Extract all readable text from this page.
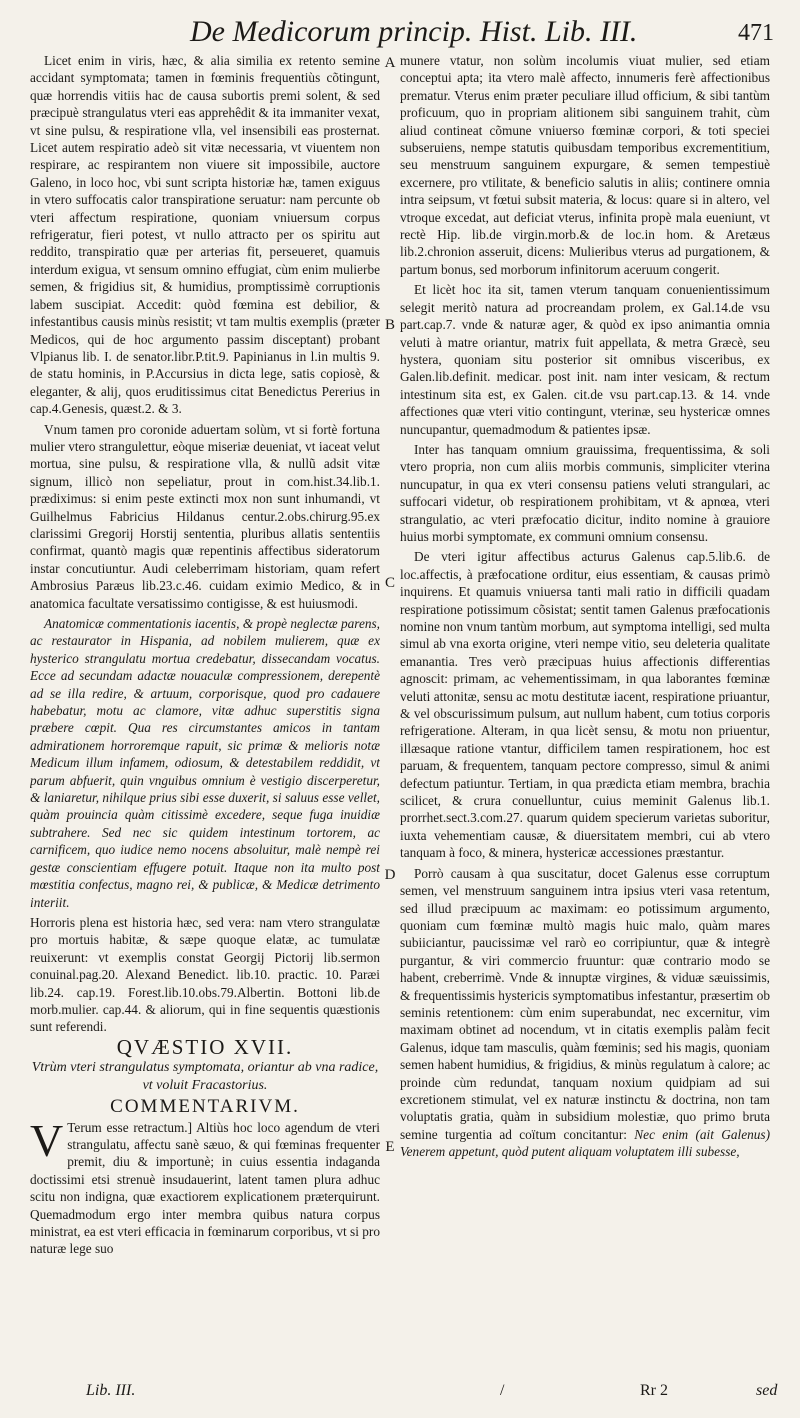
De Medicorum princip. Hist. Lib. III.	471

Licet enim in viris, hæc, & alia similia ex retento semine accidant symptomata; tamen in fœminis frequentiùs cõtingunt, quæ horrendis vitiis hac de causa subortis premi solent, & sed præcipuè strangulatus vteri eas apprehêdit & ita immaniter vexat, vt sine pulsu, & respiratione vlla, vel insensibili eas prosternat. Licet autem respiratio adeò sit vitæ necessaria, vt viuentem non respirare, ac respirantem non viuere sit impossibile, auctore Galeno, in loco hoc, vbi sunt scripta historiæ hæ, tamen exiguus in vtero suffocatis calor transpiratione seruatur: nam percunte ob vteri affectum respiratione, quoniam vniuersum corpus refrigeratur, fieri potest, vt nullo attracto per os spiritu aut reddito, transpiratio quæ per arterias fit, perseueret, quamuis interdum exigua, vt sensum omnino effugiat, cùm enim mulierbe semen, & frigidius sit, & humidius, promptissimè corruptionis labem suscipiat. Accedit: quòd fœmina est debilior, & infestantibus causis minùs resistit; vt tam multis exemplis (præter Medicos, qui de hoc argumento passim disceptant) probant Vlpianus lib. I. de senator.libr.P.tit.9. Papinianus in l.in multis 9. de statu hominis, in P.Accursius in dicta lege, satis copiosè, & eleganter, & alij, quos eruditissimus citat Benedictus Pererius in cap.4.Genesis, quæst.2. & 3.

Vnum tamen pro coronide aduertam solùm, vt si fortè fortuna mulier vtero strangulettur, eòque miseriæ deueniat, vt iaceat velut mortua, sine pulsu, & respiratione vlla, & nullũ adsit vitæ signum, illicò non sepeliatur, prout in com.hist.34.lib.1. prædiximus: si enim peste extincti mox non sunt inhumandi, vt Guilhelmus Fabricius Hildanus centur.2.obs.chirurg.95.ex clarissimi Gregorij Horstij sententia, pluribus allatis sententiis confirmat, quantò magis quæ repentinis affectibus sideratorum instar concutiuntur. Audi celeberrimam historiam, quam refert Ambrosius Paræus lib.23.c.46. cuidam eximio Medico, & in anatomica facultate versatissimo contigisse, & est huiusmodi.

Anatomicæ commentationis iacentis, & propè neglectæ parens, ac restaurator in Hispania, ad nobilem mulierem, quæ ex hysterico strangulatu mortua credebatur, dissecandam vocatus. Ecce ad secundam adactæ nouaculæ compressionem, derepentè ad se illa redire, & artuum, corporisque, quod pro cadauere habebatur, motu ac clamore, vitæ adhuc superstitis signa præbere cœpit. Qua res circumstantes amicos in tantam admirationem horroremque rapuit, sic primæ & melioris notæ Medicum illum infamem, odiosum, & detestabilem reddidit, vt parum abfuerit, quin vnguibus omnium è vestigio discerperetur, & laniaretur, nihilque prius sibi esse duxerit, si saluus esse vellet, quàm prouincia quàm citissimè excedere, seque fuga inuidiæ subtrahere. Sed nec sic quidem intestinum tortorem, ac carnificem, quo iudice nemo nocens absoluitur, malè nempè rei gestæ conscientiam effugere potuit. Itaque non ita multo post mœstitia confectus, magno rei, & publicæ, & Medicæ detrimento interiit.

Horroris plena est historia hæc, sed vera: nam vtero strangulatæ pro mortuis habitæ, & sæpe quoque elatæ, ac tumulatæ reuixerunt: vt exemplis constat Georgij Pictorij lib.sermon conuinal.pag.20. Alexand Benedict. lib.10. practic. 10. Paræi lib.24. cap.19. Forest.lib.10.obs.79.Albertin. Bottoni lib.de morb.mulier. cap.44. & aliorum, qui in fine sequentis quæstionis sunt referendi.

QVÆSTIO XVII.

Vtrùm vteri strangulatus symptomata, oriantur ab vna radice, vt voluit Fracastorius.

COMMENTARIVM.

V Terum esse retractum.] Altiùs hoc loco agendum de vteri strangulatu, affectu sanè sæuo, & qui fœminas frequenter premit, diu & importunè; in cuius essentia indaganda doctissimi etsi strenuè insudauerint, latent tamen plura adhuc scitu non indigna, quæ exactiorem explicationem præterquirunt. Quemadmodum ergo inter membra quibus natura corpus ministrat, ea est vteri efficacia in fœminarum corporibus, vt si pro naturæ lege suo

A
B
C
D
E

munere vtatur, non solùm incolumis viuat mulier, sed etiam conceptui apta; ita vtero malè affecto, innumeris ferè affectionibus prematur. Vterus enim præter peculiare illud officium, & sibi tantùm proficuum, quo in propriam alitionem sibi sanguinem trahit, cùm aliud contineat cõmune vniuerso fœminæ corpori, & toti speciei subseruiens, nempe statutis quibusdam temporibus excrementitium, seu menstruum sanguinem expurgare, & semen tempestiuè excernere, pro vtilitate, & beneficio salutis in aliis; continere omnia intra seipsum, vt fœtui subsit materia, & locus: quare si in altero, vel vtroque excedat, aut deficiat vterus, infinita propè mala eueniunt, vt rectè Hip. lib.de virgin.morb.& de loc.in hom. & Aretæus lib.2.chronion asseruit, dicens: Mulieribus vterus ad purgationem, & partum bonus, sed morborum infinitorum aceruum congerit.

Et licèt hoc ita sit, tamen vterum tanquam conuenientissimum selegit meritò natura ad procreandam prolem, ex Gal.14.de vsu part.cap.7. vnde & naturæ ager, & quòd ex ipso animantia omnia veluti à matre oriantur, matrix fuit appellata, & metra Græcè, seu hystera, quoniam situ posterior sit omnibus visceribus, ex Galen.lib.definit. medicar. post init. nam inter vesicam, & rectum intestinum sita est, ex Galen. cit.de vsu part.cap.13. & 14. vnde affectiones quæ vteri vitio contingunt, vterinæ, seu hystericæ omnes nuncupantur, quemadmodum & patientes ipsæ.

Inter has tanquam omnium grauissima, frequentissima, & soli vtero propria, non cum aliis morbis communis, simpliciter vterina nuncupatur, in qua ex vteri consensu patiens veluti strangulari, ac suffocari videtur, ob respirationem prohibitam, vt & apnœa, vteri strangulatio, ac vteri præfocatio dicitur, indito nomine à grauiore huius morbi symptomate, ex communi omnium consensu.

De vteri igitur affectibus acturus Galenus cap.5.lib.6. de loc.affectis, à præfocatione orditur, eius essentiam, & causas primò inquirens. Et quamuis vniuersa tanti mali ratio in difficili quadam respiratione potissimum cõsistat; sentit tamen Galenus præfocationis nomine non vnum tantùm morbum, aut symptoma intelligi, sed multa simul ab vna exorta origine, vteri nempe vitio, seu deleteria qualitate emanantia. Tres verò præcipuas huius affectionis differentias agnoscit: primam, ac vehementissimam, in qua laborantes fœminæ veluti attonitæ, sensu ac motu destitutæ iacent, respiratione priuantur, & vel obscurissimum pulsum, aut nullum habent, cum totius corporis refrigeratione. Alteram, in qua licèt sensu, & motu non priuentur, illæsaque ratione vtantur, difficilem tamen respirationem, hoc est paruam, & frequentem, tanquam pectore compresso, simul & animi defectum patiuntur. Tertiam, in qua prædicta etiam membra, brachia scilicet, & crura conuelluntur, cuius meminit Galenus lib.1. prorrhet.sect.3.com.27. quarum quidem specierum varietas suboritur, iuxta vehementiam causæ, & diuersitatem membri, cui ab vtero tanquam à foco, & minera, hystericæ accessiones præstantur.

Porrò causam à qua suscitatur, docet Galenus esse corruptum semen, vel menstruum sanguinem intra ipsius vteri vasa retentum, sed illud præcipuum ac maximam: eo potissimum argumento, quoniam cum fœminæ multò magis huic malo, quàm mares subiiciantur, paucissimæ vel rarò eo corripiuntur, quæ & integrè purgantur, & viri commercio fruuntur: quæ contrario modo se habent, creberrimè. Vnde & innuptæ virgines, & viduæ sæuissimis, & frequentissimis hystericis symptomatibus infestantur, præsertim ob seminis retentionem: cùm enim superabundat, nec excernitur, vim maximam obtinet ad nocendum, vt in citatis exemplis palàm fecit Galenus, idque tam masculis, quàm fœminis; sed his magis, quoniam semen habent humidius, & frigidius, & minùs regulatum à calore; ac proinde cùm redundat, tanquam noxium quidpiam ad sui excretionem stimulat, vel ex naturæ instinctu & doctrina, non tam voluptatis gratia, quàm in subsidium molestiæ, quo primo bruta semine turgentia ad coïtum concitantur: Nec enim (ait Galenus) Venerem appetunt, quòd putent aliquam voluptatem illi subesse,

Lib. III.	/	Rr 2	sed
